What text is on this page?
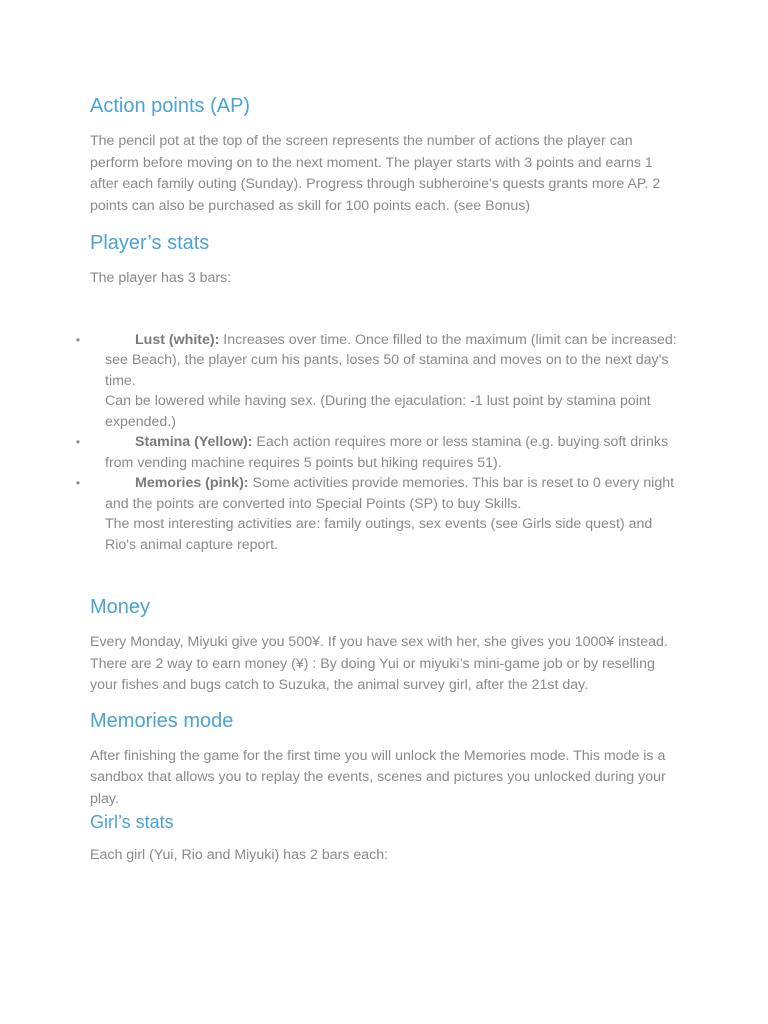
Action points (AP)

The pencil pot at the top of the screen represents the number of actions the player can perform before moving on to the next moment. The player starts with 3 points and earns 1 after each family outing (Sunday). Progress through subheroine's quests grants more AP. 2 points can also be purchased as skill for 100 points each. (see Bonus)

Player’s stats

The player has 3 bars:

•	Lust (white): Increases over time. Once filled to the maximum (limit can be increased: see Beach), the player cum his pants, loses 50 of stamina and moves on to the next day's time.
Can be lowered while having sex. (During the ejaculation: -1 lust point by stamina point expended.)
•	Stamina (Yellow): Each action requires more or less stamina (e.g. buying soft drinks from vending machine requires 5 points but hiking requires 51).
•	Memories (pink): Some activities provide memories. This bar is reset to 0 every night and the points are converted into Special Points (SP) to buy Skills.
The most interesting activities are: family outings, sex events (see Girls side quest) and Rio's animal capture report.
Money

Every Monday, Miyuki give you 500¥. If you have sex with her, she gives you 1000¥ instead. There are 2 way to earn money (¥) : By doing Yui or miyuki’s mini-game job or by reselling your fishes and bugs catch to Suzuka, the animal survey girl, after the 21st day.

Memories mode

After finishing the game for the first time you will unlock the Memories mode. This mode is a sandbox that allows you to replay the events, scenes and pictures you unlocked during your play.

Girl’s stats

Each girl (Yui, Rio and Miyuki) has 2 bars each:
